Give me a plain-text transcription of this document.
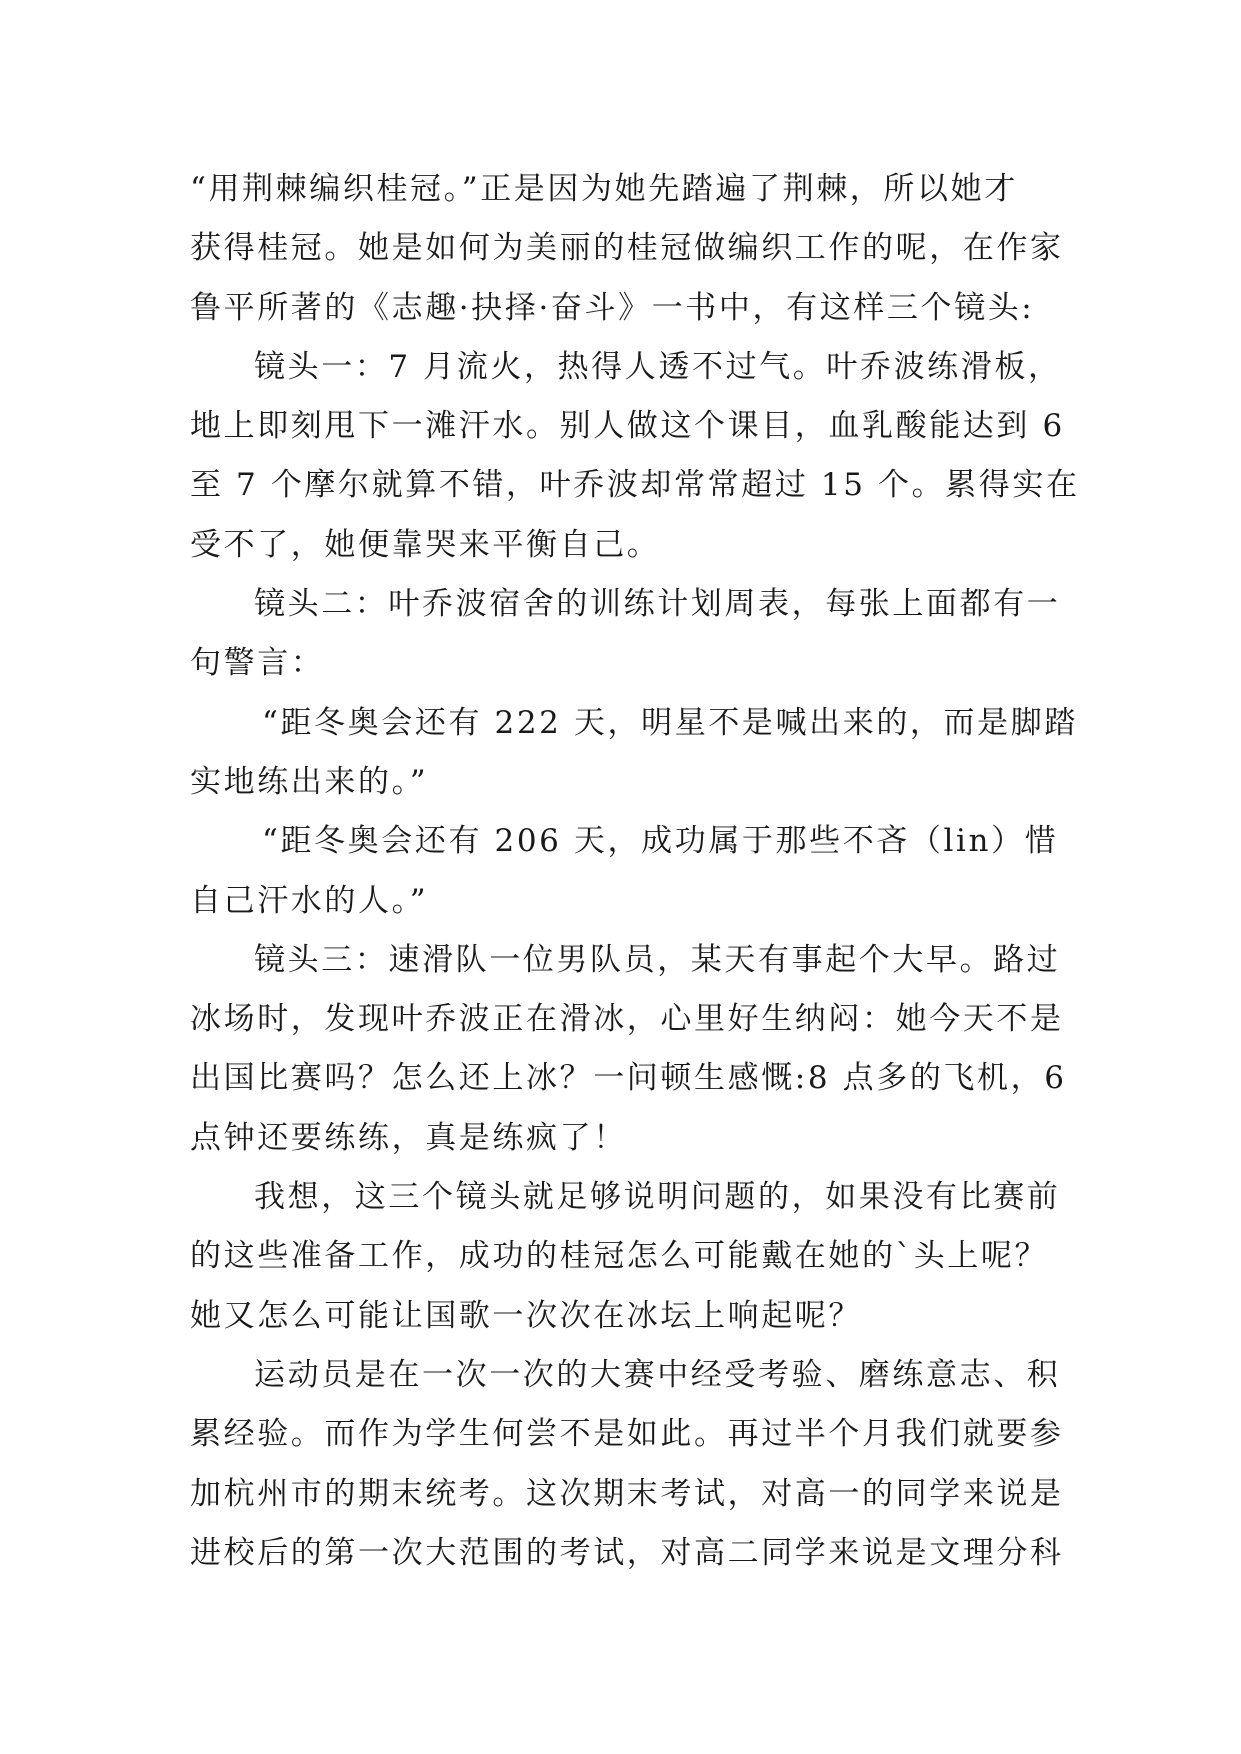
“用荆棘编织桂冠。”正是因为她先踏遍了荆棘，所以她才
获得桂冠。她是如何为美丽的桂冠做编织工作的呢，在作家
鲁平所著的《志趣·抉择·奋斗》一书中，有这样三个镜头:
镜头一：7 月流火，热得人透不过气。叶乔波练滑板，
地上即刻甩下一滩汗水。别人做这个课目，血乳酸能达到 6
至 7 个摩尔就算不错，叶乔波却常常超过 15 个。累得实在
受不了，她便靠哭来平衡自己。
镜头二：叶乔波宿舍的训练计划周表，每张上面都有一
句警言：
“距冬奥会还有 222 天，明星不是喊出来的，而是脚踏
实地练出来的。”
“距冬奥会还有 206 天，成功属于那些不吝（lin）惜
自己汗水的人。”
镜头三：速滑队一位男队员，某天有事起个大早。路过
冰场时，发现叶乔波正在滑冰，心里好生纳闷：她今天不是
出国比赛吗？怎么还上冰？一问顿生感慨:8 点多的飞机，6
点钟还要练练，真是练疯了！
我想，这三个镜头就足够说明问题的，如果没有比赛前
的这些准备工作，成功的桂冠怎么可能戴在她的`头上呢？
她又怎么可能让国歌一次次在冰坛上响起呢？
运动员是在一次一次的大赛中经受考验、磨练意志、积
累经验。而作为学生何尝不是如此。再过半个月我们就要参
加杭州市的期末统考。这次期末考试，对高一的同学来说是
进校后的第一次大范围的考试，对高二同学来说是文理分科
